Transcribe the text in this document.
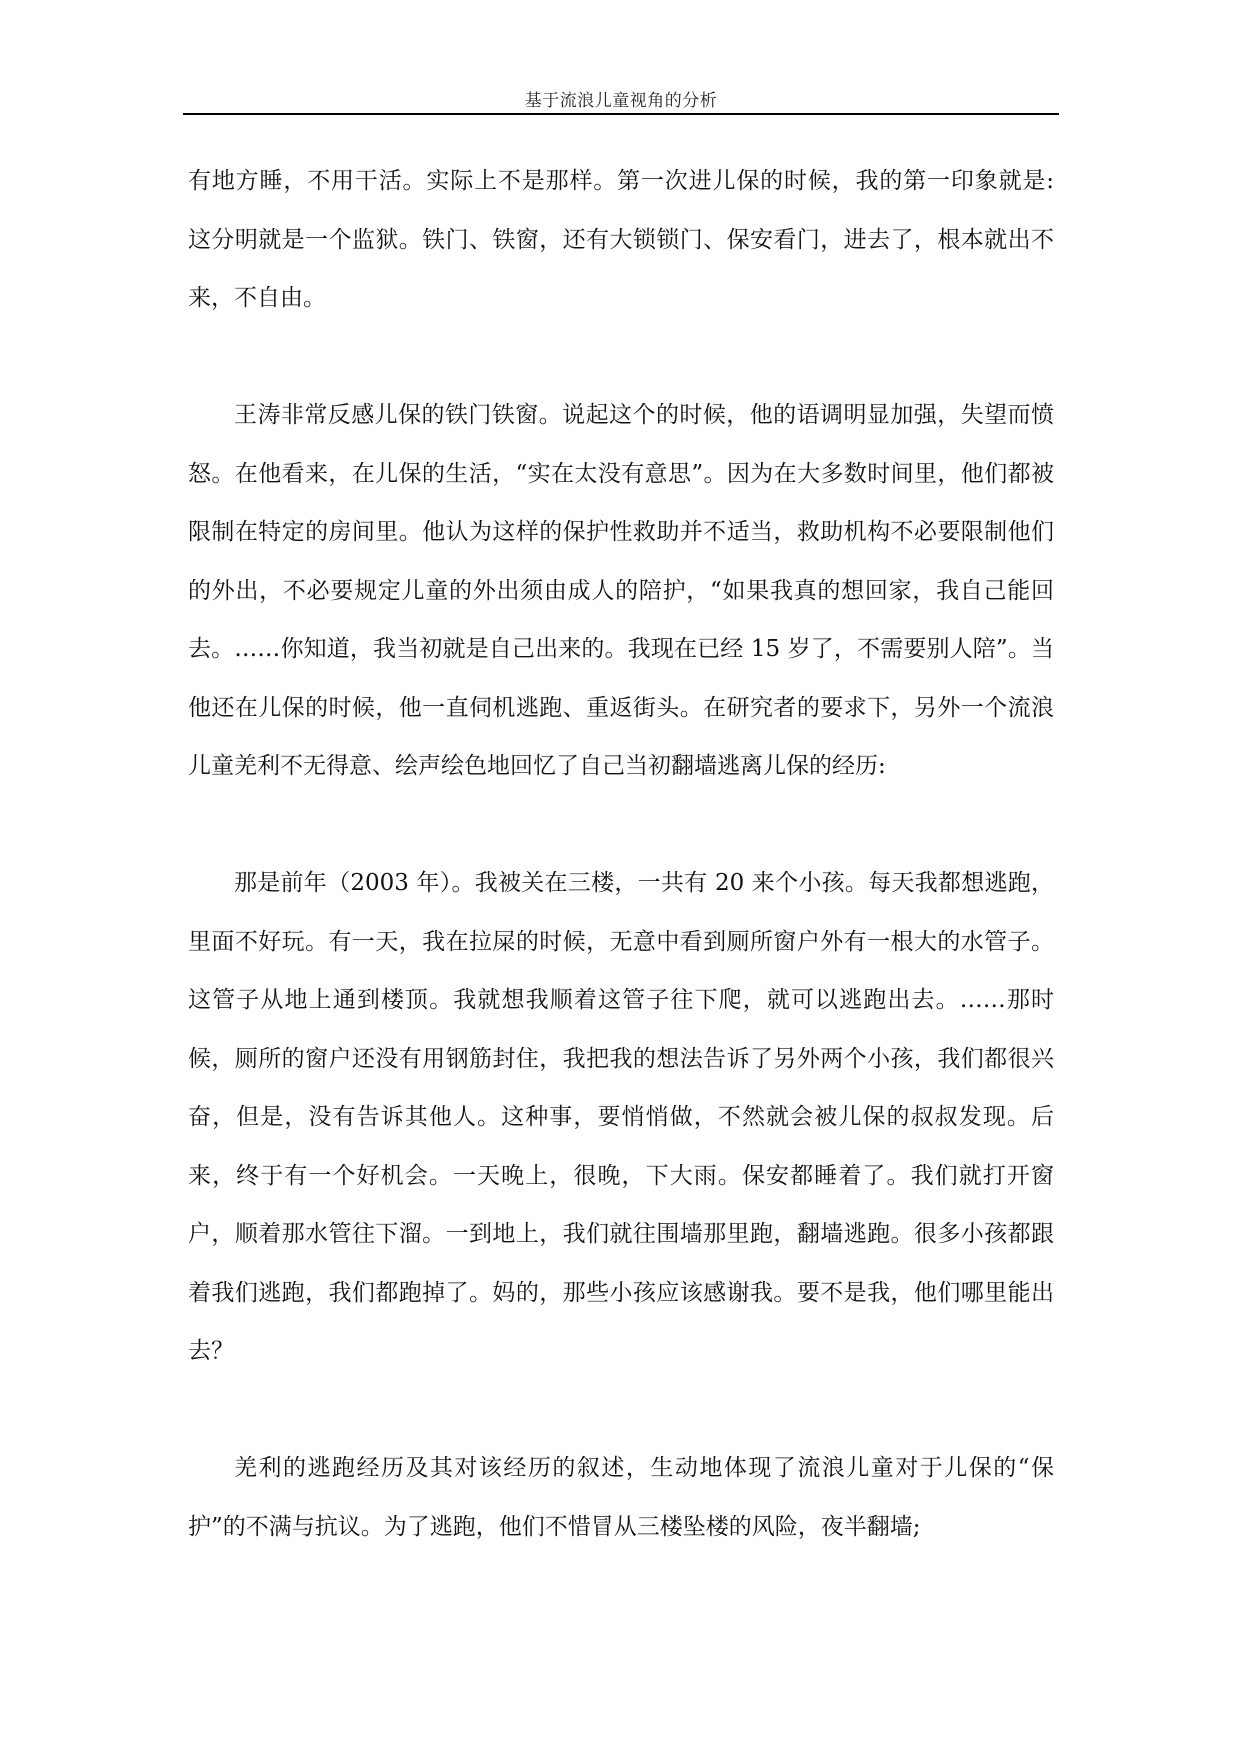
基于流浪儿童视角的分析

有地方睡，不用干活。实际上不是那样。第一次进儿保的时候，我的第一印象就是: 这分明就是一个监狱。铁门、铁窗，还有大锁锁门、保安看门，进去了，根本就出不来，不自由。

王涛非常反感儿保的铁门铁窗。说起这个的时候，他的语调明显加强，失望而愤怒。在他看来，在儿保的生活，“实在太没有意思”。因为在大多数时间里，他们都被限制在特定的房间里。他认为这样的保护性救助并不适当，救助机构不必要限制他们的外出，不必要规定儿童的外出须由成人的陪护，“如果我真的想回家，我自己能回去。……你知道，我当初就是自己出来的。我现在已经 15 岁了，不需要别人陪”。当他还在儿保的时候，他一直伺机逃跑、重返街头。在研究者的要求下，另外一个流浪儿童羌利不无得意、绘声绘色地回忆了自己当初翻墙逃离儿保的经历:

那是前年（2003 年）。我被关在三楼，一共有 20 来个小孩。每天我都想逃跑，里面不好玩。有一天，我在拉屎的时候，无意中看到厕所窗户外有一根大的水管子。这管子从地上通到楼顶。我就想我顺着这管子往下爬，就可以逃跑出去。……那时候，厕所的窗户还没有用钢筋封住，我把我的想法告诉了另外两个小孩，我们都很兴奋，但是，没有告诉其他人。这种事，要悄悄做，不然就会被儿保的叔叔发现。后来，终于有一个好机会。一天晚上，很晚，下大雨。保安都睡着了。我们就打开窗户，顺着那水管往下溜。一到地上，我们就往围墙那里跑，翻墙逃跑。很多小孩都跟着我们逃跑，我们都跑掉了。妈的，那些小孩应该感谢我。要不是我，他们哪里能出去？

羌利的逃跑经历及其对该经历的叙述，生动地体现了流浪儿童对于儿保的“保护”的不满与抗议。为了逃跑，他们不惜冒从三楼坠楼的风险，夜半翻墙;
